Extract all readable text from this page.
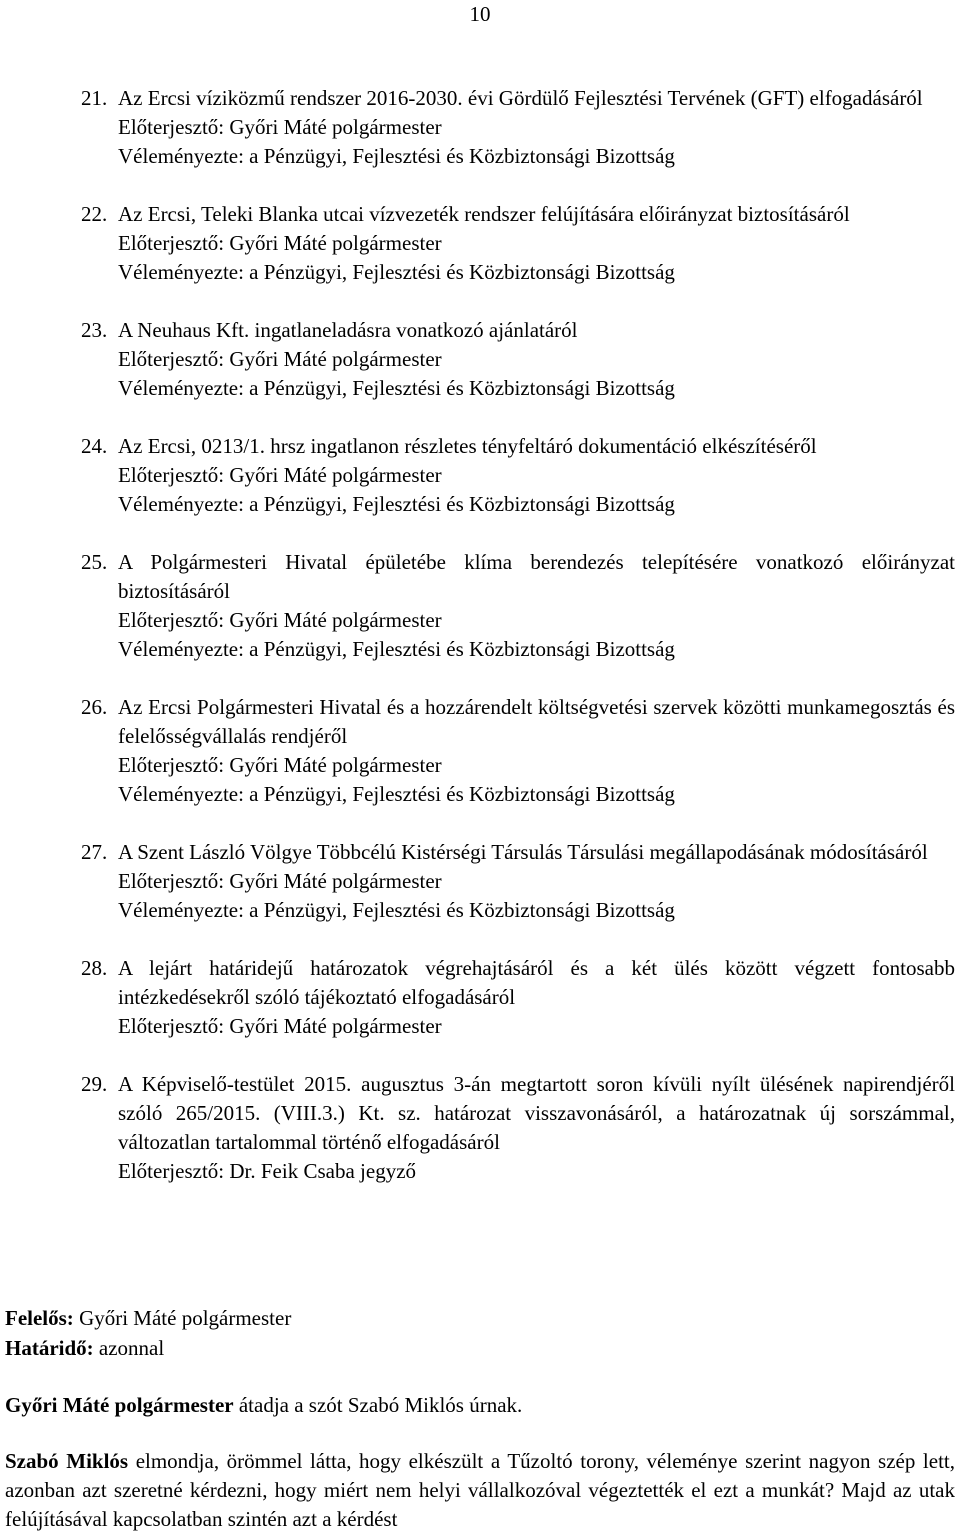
10
21. Az Ercsi víziközmű rendszer 2016-2030. évi Gördülő Fejlesztési Tervének (GFT) elfogadásáról
Előterjesztő: Győri Máté polgármester
Véleményezte: a Pénzügyi, Fejlesztési és Közbiztonsági Bizottság
22. Az Ercsi, Teleki Blanka utcai vízvezeték rendszer felújítására előirányzat biztosításáról
Előterjesztő: Győri Máté polgármester
Véleményezte: a Pénzügyi, Fejlesztési és Közbiztonsági Bizottság
23. A Neuhaus Kft. ingatlaneladásra vonatkozó ajánlatáról
Előterjesztő: Győri Máté polgármester
Véleményezte: a Pénzügyi, Fejlesztési és Közbiztonsági Bizottság
24. Az Ercsi, 0213/1. hrsz ingatlanon részletes tényfeltáró dokumentáció elkészítéséről
Előterjesztő: Győri Máté polgármester
Véleményezte: a Pénzügyi, Fejlesztési és Közbiztonsági Bizottság
25. A Polgármesteri Hivatal épületébe klíma berendezés telepítésére vonatkozó előirányzat biztosításáról
Előterjesztő: Győri Máté polgármester
Véleményezte: a Pénzügyi, Fejlesztési és Közbiztonsági Bizottság
26. Az Ercsi Polgármesteri Hivatal és a hozzárendelt költségvetési szervek közötti munkamegosztás és felelősségvállalás rendjéről
Előterjesztő: Győri Máté polgármester
Véleményezte: a Pénzügyi, Fejlesztési és Közbiztonsági Bizottság
27. A Szent László Völgye Többcélú Kistérségi Társulás Társulási megállapodásának módosításáról
Előterjesztő: Győri Máté polgármester
Véleményezte: a Pénzügyi, Fejlesztési és Közbiztonsági Bizottság
28. A lejárt határidejű határozatok végrehajtásáról és a két ülés között végzett fontosabb intézkedésekről szóló tájékoztató elfogadásáról
Előterjesztő: Győri Máté polgármester
29. A Képviselő-testület 2015. augusztus 3-án megtartott soron kívüli nyílt ülésének napirendjéről szóló 265/2015. (VIII.3.) Kt. sz. határozat visszavonásáról, a határozatnak új sorszámmal, változatlan tartalommal történő elfogadásáról
Előterjesztő: Dr. Feik Csaba jegyző
Felelős: Győri Máté polgármester
Határidő: azonnal
Győri Máté polgármester átadja a szót Szabó Miklós úrnak.
Szabó Miklós elmondja, örömmel látta, hogy elkészült a Tűzoltó torony, véleménye szerint nagyon szép lett, azonban azt szeretné kérdezni, hogy miért nem helyi vállalkozóval végeztették el ezt a munkát? Majd az utak felújításával kapcsolatban szintén azt a kérdést
